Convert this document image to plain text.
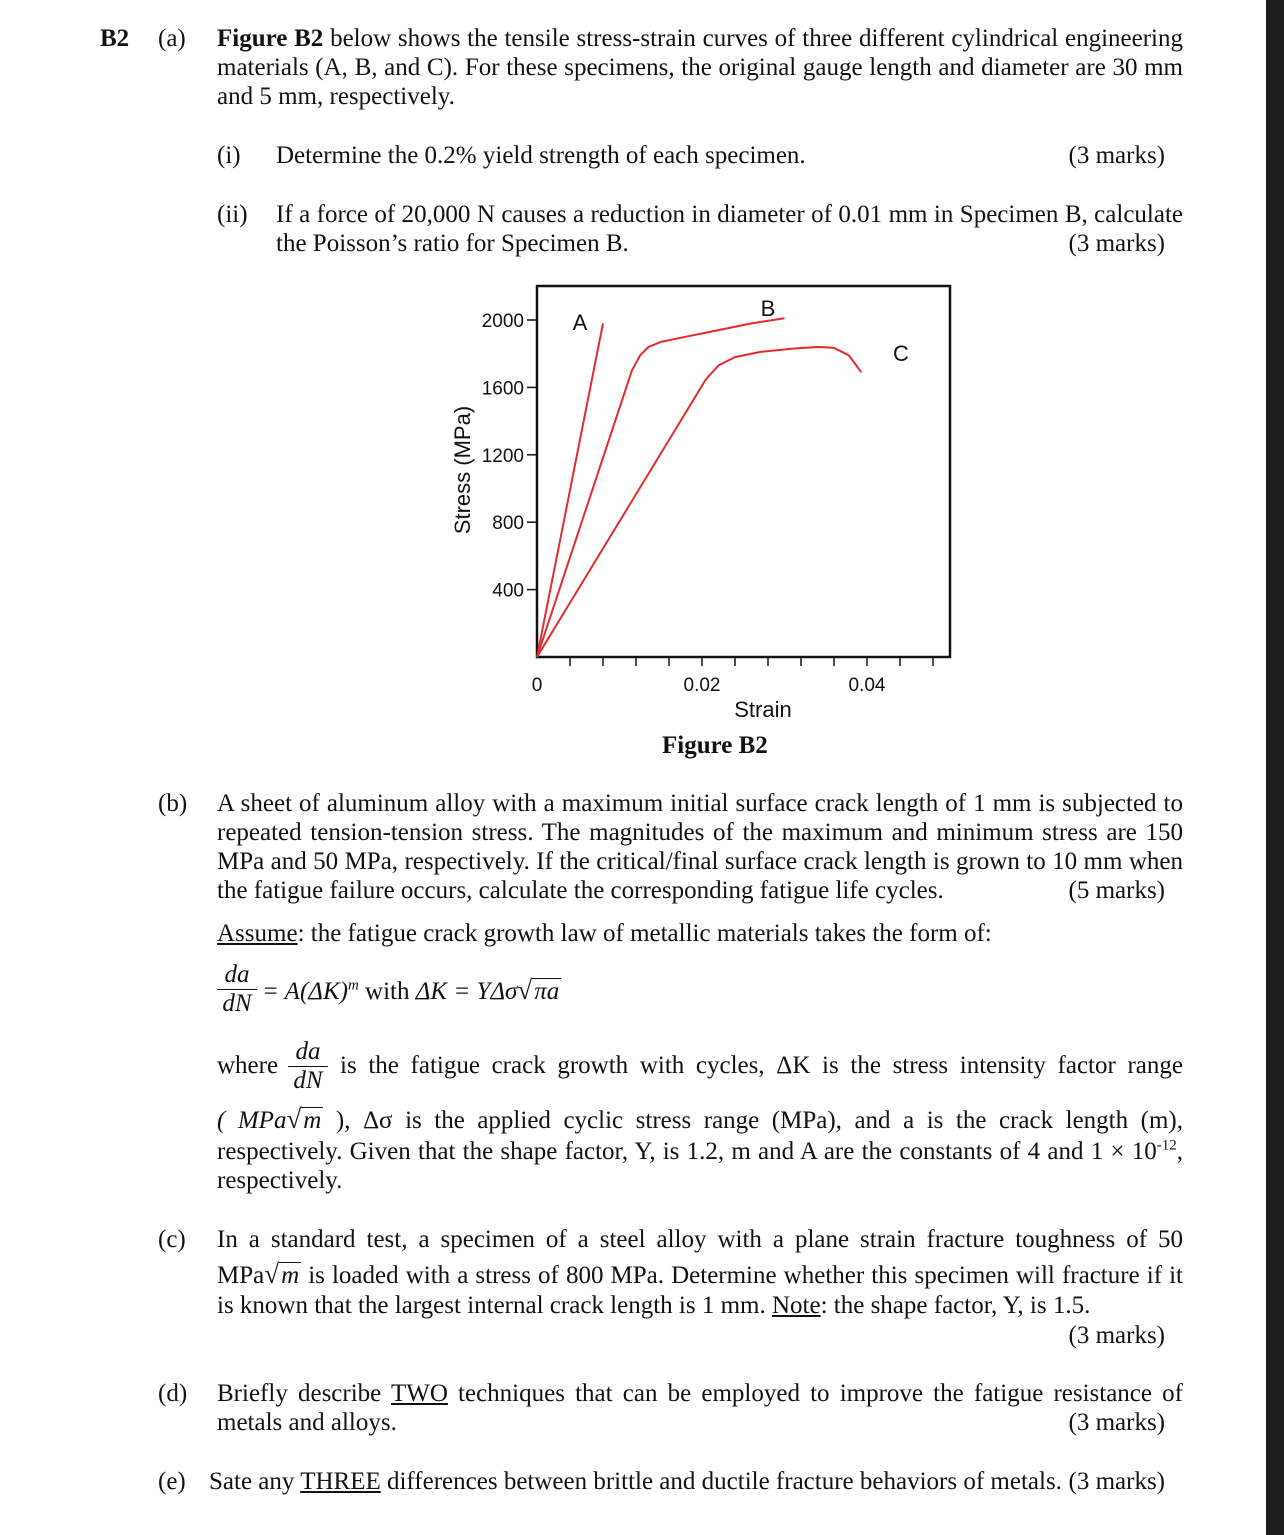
B2 (a) Figure B2 below shows the tensile stress-strain curves of three different cylindrical engineering
materials (A, B, and C). For these specimens, the original gauge length and diameter are 30 mm
and 5 mm, respectively.
(i) Determine the 0.2% yield strength of each specimen.	(3 marks)
(ii) If a force of 20,000 N causes a reduction in diameter of 0.01 mm in Specimen B, calculate
the Poisson’s ratio for Specimen B.	(3 marks)
0	0.02	0.04
400
800
1200
1600
2000
Strain
Stress (MPa)
A
B
C
Figure B2
(b) A sheet of aluminum alloy with a maximum initial surface crack length of 1 mm is subjected to
repeated tension-tension stress. The magnitudes of the maximum and minimum stress are 150
MPa and 50 MPa, respectively. If the critical/final surface crack length is grown to 10 mm when
the fatigue failure occurs, calculate the corresponding fatigue life cycles.	(5 marks)
Assume: the fatigue crack growth law of metallic materials takes the form of:
$\frac{da}{dN} = A(\Delta K)^m$ with ΔK = YΔσ√πa
where $\frac{da}{dN}$ is the fatigue crack growth with cycles, ΔK is the stress intensity factor range
( MPa√m ), Δσ is the applied cyclic stress range (MPa), and a is the crack length (m),
respectively. Given that the shape factor, Y, is 1.2, m and A are the constants of 4 and $1 \times 10^{-12}$,
respectively.
(c) In a standard test, a specimen of a steel alloy with a plane strain fracture toughness of 50
MPa√m is loaded with a stress of 800 MPa. Determine whether this specimen will fracture if it
is known that the largest internal crack length is 1 mm. Note: the shape factor, Y, is 1.5.
(3 marks)
(d) Briefly describe TWO techniques that can be employed to improve the fatigue resistance of
metals and alloys.	(3 marks)
(e) Sate any THREE differences between brittle and ductile fracture behaviors of metals. (3 marks)
